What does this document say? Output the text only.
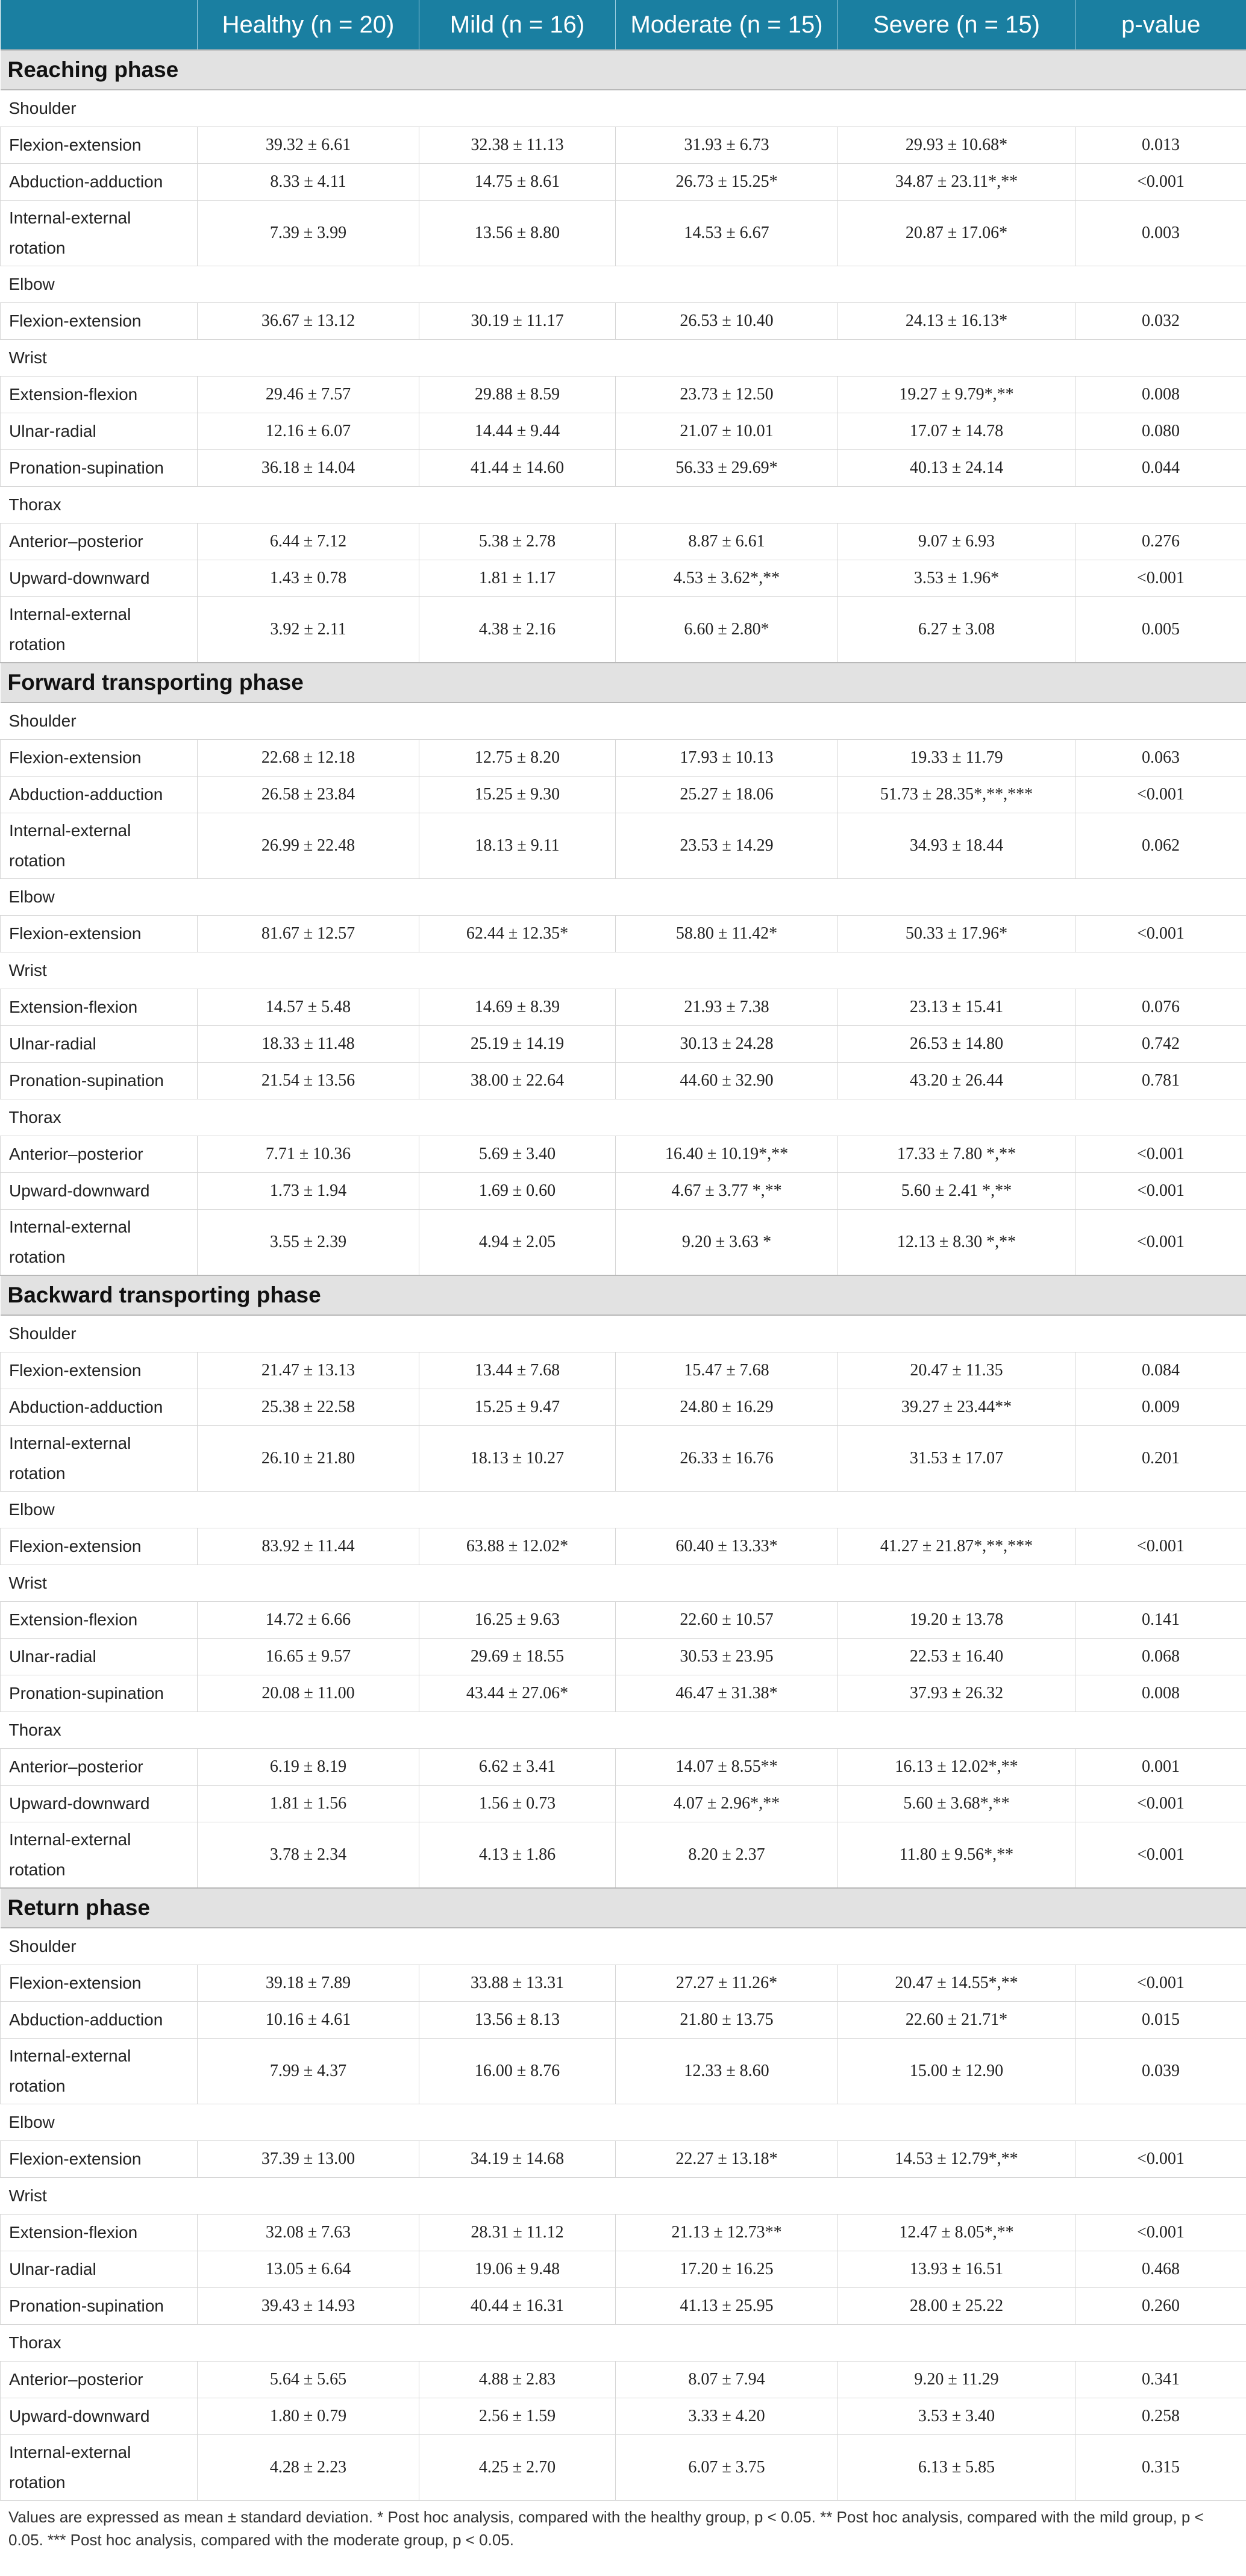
	Healthy (n = 20)	Mild (n = 16)	Moderate (n = 15)	Severe (n = 15)	p-value
Reaching phase					
Shoulder					
Flexion-extension	39.32 ± 6.61	32.38 ± 11.13	31.93 ± 6.73	29.93 ± 10.68*	0.013
Abduction-adduction	8.33 ± 4.11	14.75 ± 8.61	26.73 ± 15.25*	34.87 ± 23.11*,**	<0.001
Internal-external rotation	7.39 ± 3.99	13.56 ± 8.80	14.53 ± 6.67	20.87 ± 17.06*	0.003
Elbow					
Flexion-extension	36.67 ± 13.12	30.19 ± 11.17	26.53 ± 10.40	24.13 ± 16.13*	0.032
Wrist					
Extension-flexion	29.46 ± 7.57	29.88 ± 8.59	23.73 ± 12.50	19.27 ± 9.79*,**	0.008
Ulnar-radial	12.16 ± 6.07	14.44 ± 9.44	21.07 ± 10.01	17.07 ± 14.78	0.080
Pronation-supination	36.18 ± 14.04	41.44 ± 14.60	56.33 ± 29.69*	40.13 ± 24.14	0.044
Thorax					
Anterior–posterior	6.44 ± 7.12	5.38 ± 2.78	8.87 ± 6.61	9.07 ± 6.93	0.276
Upward-downward	1.43 ± 0.78	1.81 ± 1.17	4.53 ± 3.62*,**	3.53 ± 1.96*	<0.001
Internal-external rotation	3.92 ± 2.11	4.38 ± 2.16	6.60 ± 2.80*	6.27 ± 3.08	0.005
Forward transporting phase					
Shoulder					
Flexion-extension	22.68 ± 12.18	12.75 ± 8.20	17.93 ± 10.13	19.33 ± 11.79	0.063
Abduction-adduction	26.58 ± 23.84	15.25 ± 9.30	25.27 ± 18.06	51.73 ± 28.35*,**,***	<0.001
Internal-external rotation	26.99 ± 22.48	18.13 ± 9.11	23.53 ± 14.29	34.93 ± 18.44	0.062
Elbow					
Flexion-extension	81.67 ± 12.57	62.44 ± 12.35*	58.80 ± 11.42*	50.33 ± 17.96*	<0.001
Wrist					
Extension-flexion	14.57 ± 5.48	14.69 ± 8.39	21.93 ± 7.38	23.13 ± 15.41	0.076
Ulnar-radial	18.33 ± 11.48	25.19 ± 14.19	30.13 ± 24.28	26.53 ± 14.80	0.742
Pronation-supination	21.54 ± 13.56	38.00 ± 22.64	44.60 ± 32.90	43.20 ± 26.44	0.781
Thorax					
Anterior–posterior	7.71 ± 10.36	5.69 ± 3.40	16.40 ± 10.19*,**	17.33 ± 7.80 *,**	<0.001
Upward-downward	1.73 ± 1.94	1.69 ± 0.60	4.67 ± 3.77 *,**	5.60 ± 2.41 *,**	<0.001
Internal-external rotation	3.55 ± 2.39	4.94 ± 2.05	9.20 ± 3.63 *	12.13 ± 8.30 *,**	<0.001
Backward transporting phase					
Shoulder					
Flexion-extension	21.47 ± 13.13	13.44 ± 7.68	15.47 ± 7.68	20.47 ± 11.35	0.084
Abduction-adduction	25.38 ± 22.58	15.25 ± 9.47	24.80 ± 16.29	39.27 ± 23.44**	0.009
Internal-external rotation	26.10 ± 21.80	18.13 ± 10.27	26.33 ± 16.76	31.53 ± 17.07	0.201
Elbow					
Flexion-extension	83.92 ± 11.44	63.88 ± 12.02*	60.40 ± 13.33*	41.27 ± 21.87*,**,***	<0.001
Wrist					
Extension-flexion	14.72 ± 6.66	16.25 ± 9.63	22.60 ± 10.57	19.20 ± 13.78	0.141
Ulnar-radial	16.65 ± 9.57	29.69 ± 18.55	30.53 ± 23.95	22.53 ± 16.40	0.068
Pronation-supination	20.08 ± 11.00	43.44 ± 27.06*	46.47 ± 31.38*	37.93 ± 26.32	0.008
Thorax					
Anterior–posterior	6.19 ± 8.19	6.62 ± 3.41	14.07 ± 8.55**	16.13 ± 12.02*,**	0.001
Upward-downward	1.81 ± 1.56	1.56 ± 0.73	4.07 ± 2.96*,**	5.60 ± 3.68*,**	<0.001
Internal-external rotation	3.78 ± 2.34	4.13 ± 1.86	8.20 ± 2.37	11.80 ± 9.56*,**	<0.001
Return phase					
Shoulder					
Flexion-extension	39.18 ± 7.89	33.88 ± 13.31	27.27 ± 11.26*	20.47 ± 14.55*,**	<0.001
Abduction-adduction	10.16 ± 4.61	13.56 ± 8.13	21.80 ± 13.75	22.60 ± 21.71*	0.015
Internal-external rotation	7.99 ± 4.37	16.00 ± 8.76	12.33 ± 8.60	15.00 ± 12.90	0.039
Elbow					
Flexion-extension	37.39 ± 13.00	34.19 ± 14.68	22.27 ± 13.18*	14.53 ± 12.79*,**	<0.001
Wrist					
Extension-flexion	32.08 ± 7.63	28.31 ± 11.12	21.13 ± 12.73**	12.47 ± 8.05*,**	<0.001
Ulnar-radial	13.05 ± 6.64	19.06 ± 9.48	17.20 ± 16.25	13.93 ± 16.51	0.468
Pronation-supination	39.43 ± 14.93	40.44 ± 16.31	41.13 ± 25.95	28.00 ± 25.22	0.260
Thorax					
Anterior–posterior	5.64 ± 5.65	4.88 ± 2.83	8.07 ± 7.94	9.20 ± 11.29	0.341
Upward-downward	1.80 ± 0.79	2.56 ± 1.59	3.33 ± 4.20	3.53 ± 3.40	0.258
Internal-external rotation	4.28 ± 2.23	4.25 ± 2.70	6.07 ± 3.75	6.13 ± 5.85	0.315
Values are expressed as mean ± standard deviation. * Post hoc analysis, compared with the healthy group, p < 0.05. ** Post hoc analysis, compared with the mild group, p < 0.05. *** Post hoc analysis, compared with the moderate group, p < 0.05.
